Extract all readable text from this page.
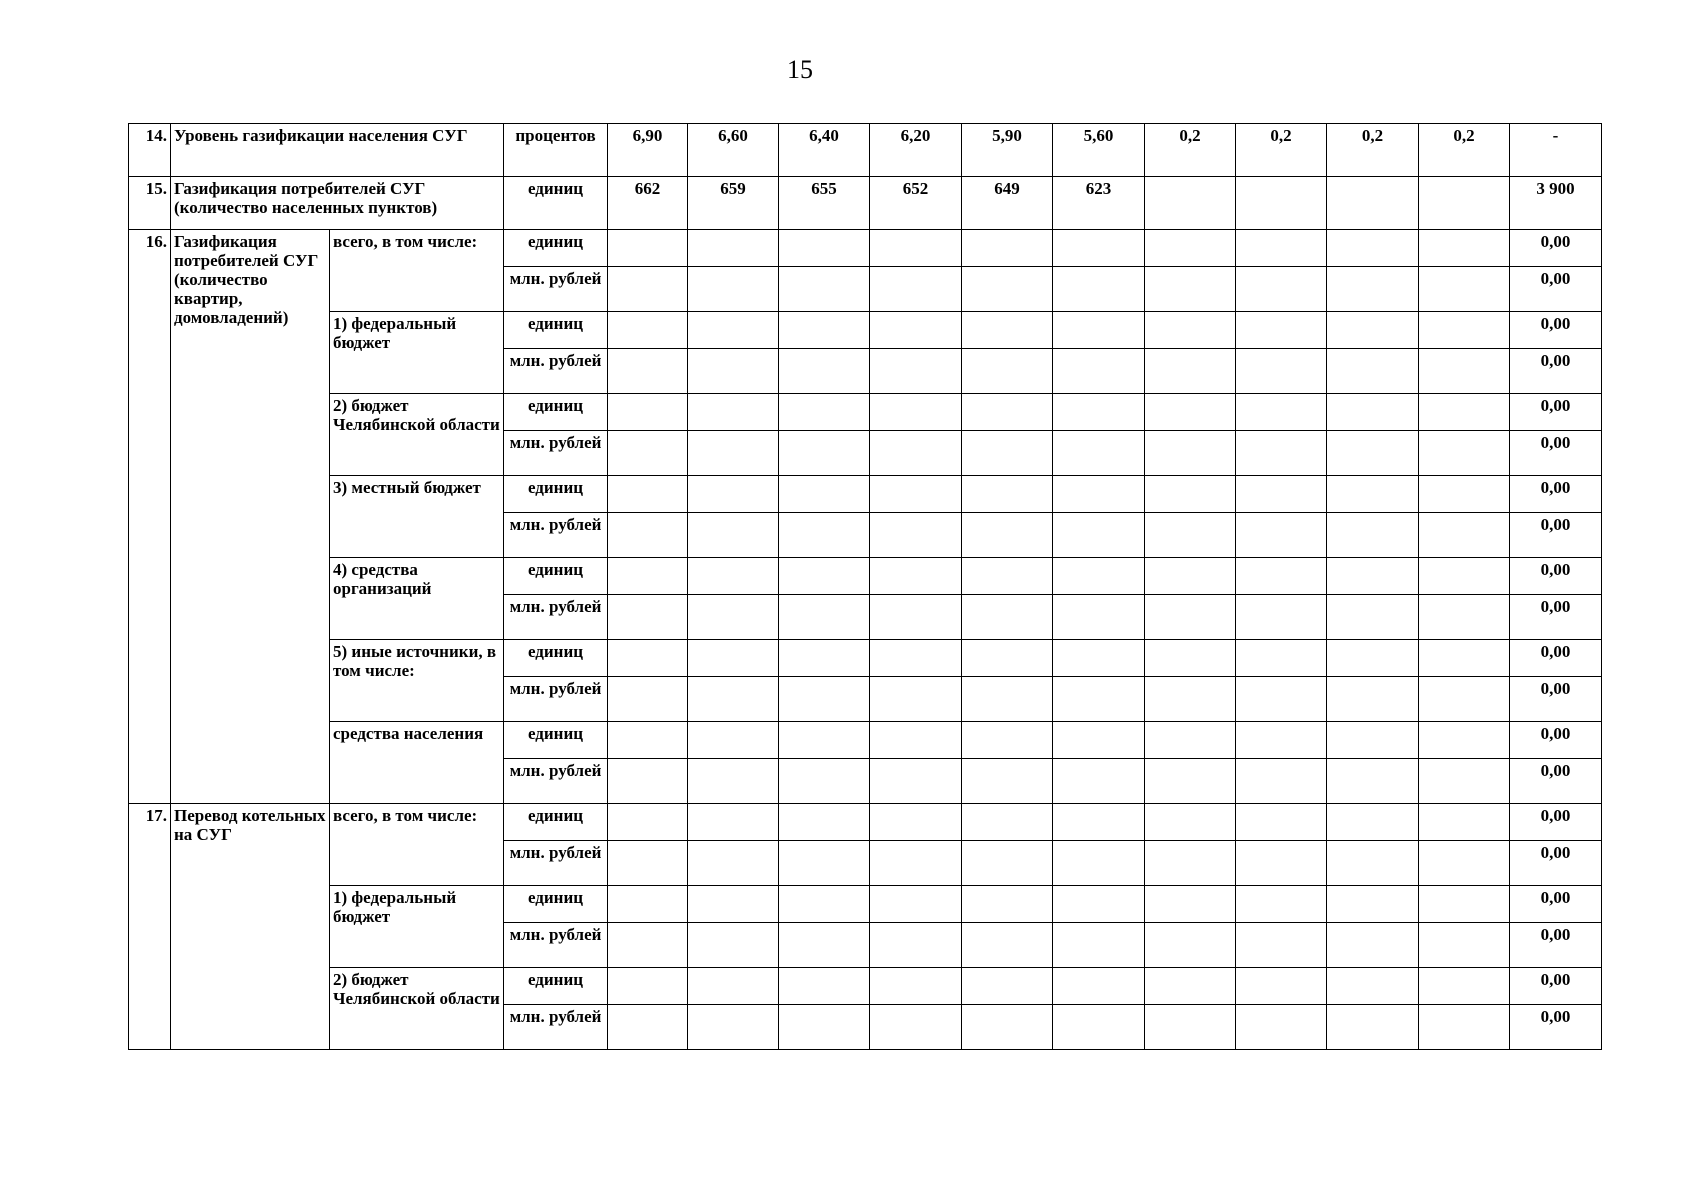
15
14.	Уровень газификации населения СУГ		процентов	6,90	6,60	6,40	6,20	5,90	5,60	0,2	0,2	0,2	0,2	-
15.	Газификация потребителей СУГ (количество населенных пунктов)		единиц	662	659	655	652	649	623					3 900
16.	Газификация потребителей СУГ (количество квартир, домовладений)	всего, в том числе:	единиц											0,00
			млн. рублей											0,00
		1) федеральный бюджет	единиц											0,00
			млн. рублей											0,00
		2) бюджет Челябинской области	единиц											0,00
			млн. рублей											0,00
		3) местный бюджет	единиц											0,00
			млн. рублей											0,00
		4) средства организаций	единиц											0,00
			млн. рублей											0,00
		5) иные источники, в том числе:	единиц											0,00
			млн. рублей											0,00
		средства населения	единиц											0,00
			млн. рублей											0,00
17.	Перевод котельных на СУГ	всего, в том числе:	единиц											0,00
			млн. рублей											0,00
		1) федеральный бюджет	единиц											0,00
			млн. рублей											0,00
		2) бюджет Челябинской области	единиц											0,00
			млн. рублей											0,00
